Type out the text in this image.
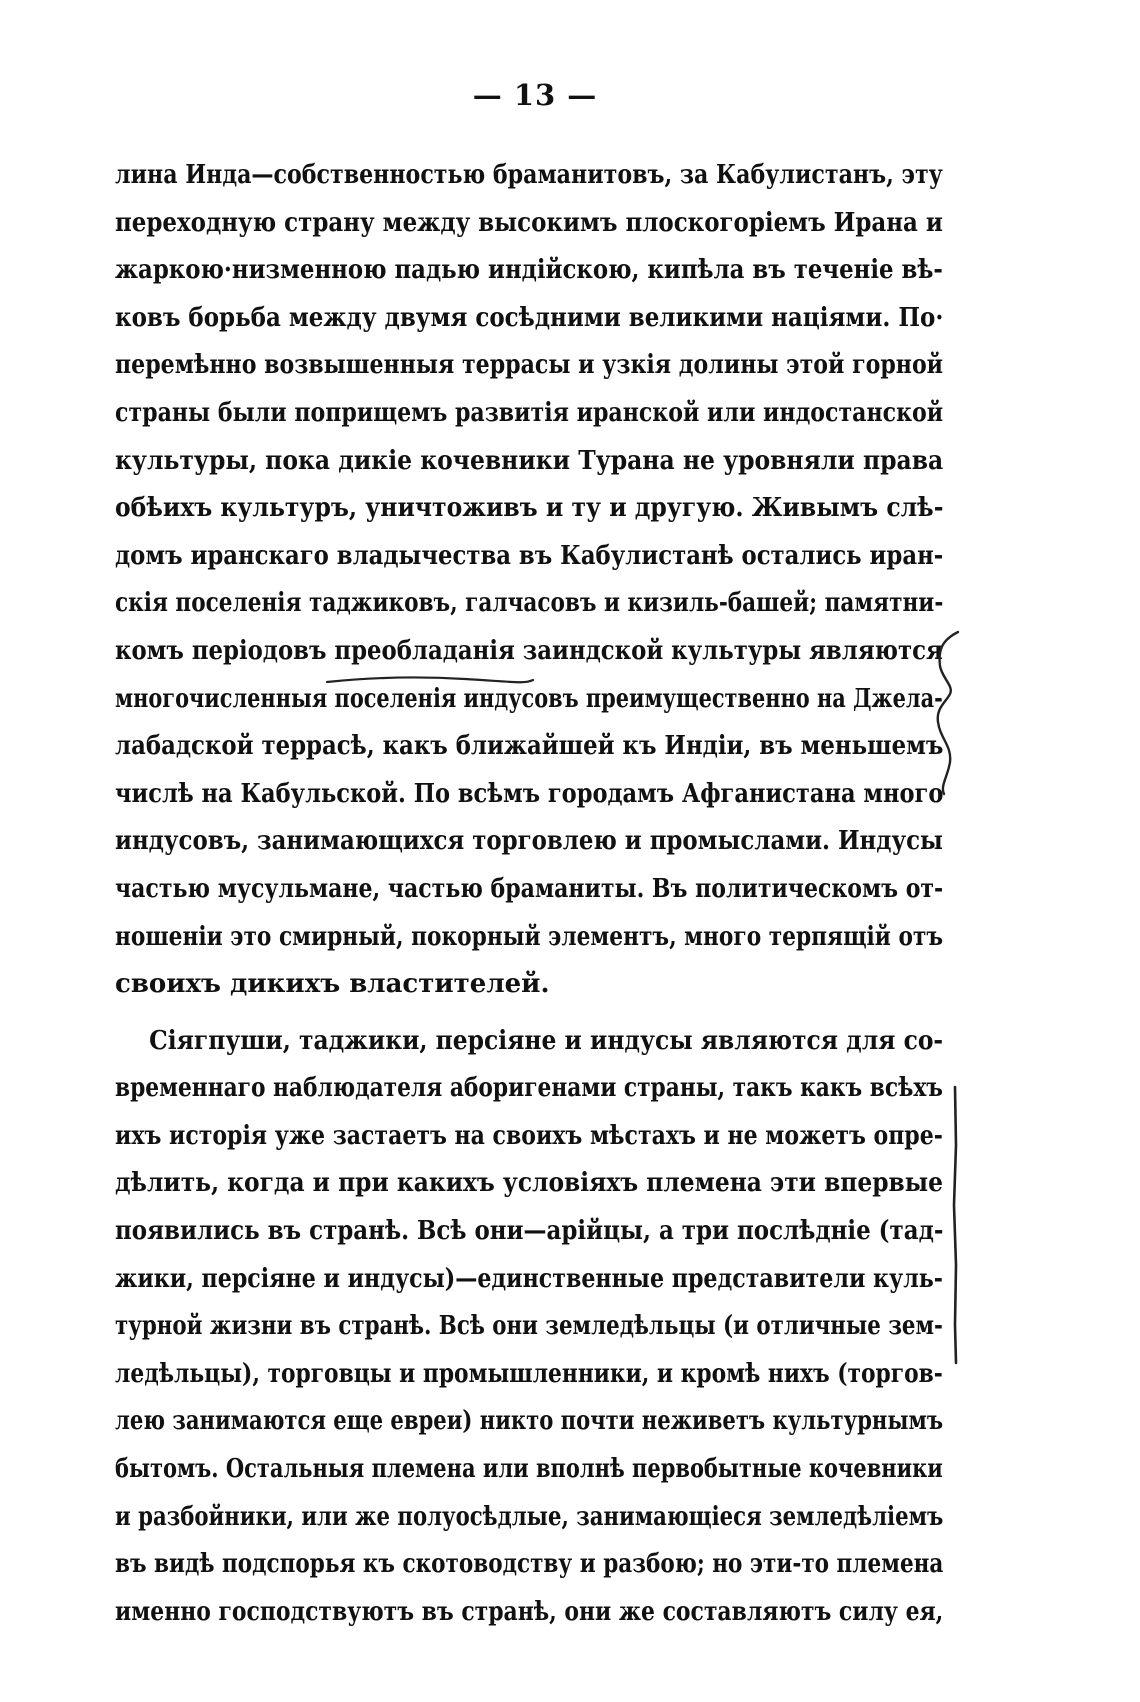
— 13 —
лина Инда—собственностью браманитовъ, за Кабулистанъ, эту
переходную страну между высокимъ плоскогорiемъ Ирана и
жаркою·низменною падью индiйскою, кипѣла въ теченiе вѣ-
ковъ борьба между двумя сосѣдними великими нацiями. По·
перемѣнно возвышенныя террасы и узкiя долины этой горной
страны были поприщемъ развитiя иранской или индостанской
культуры, пока дикiе кочевники Турана не уровняли права
обѣихъ культуръ, уничтоживъ и ту и другую. Живымъ слѣ-
домъ иранскаго владычества въ Кабулистанѣ остались иран-
скiя поселенiя таджиковъ, галчасовъ и кизиль-башей; памятни-
комъ перiодовъ преобладанiя заиндской культуры являются
многочисленныя поселенiя индусовъ преимущественно на Джела-
лабадской террасѣ, какъ ближайшей къ Индiи, въ меньшемъ
числѣ на Кабульской. По всѣмъ городамъ Афганистана много
индусовъ, занимающихся торговлею и промыслами. Индусы
частью мусульмане, частью браманиты. Въ политическомъ от-
ношенiи это смирный, покорный элементъ, много терпящiй отъ
своихъ дикихъ властителей.
Сiягпуши, таджики, персiяне и индусы являются для со-
временнаго наблюдателя аборигенами страны, такъ какъ всѣхъ
ихъ исторiя уже застаетъ на своихъ мѣстахъ и не можетъ опре-
дѣлить, когда и при какихъ условiяхъ племена эти впервые
появились въ странѣ. Всѣ они—арiйцы, а три послѣднiе (тад-
жики, персiяне и индусы)—единственные представители куль-
турной жизни въ странѣ. Всѣ они земледѣльцы (и отличные зем-
ледѣльцы), торговцы и промышленники, и кромѣ нихъ (торгов-
лею занимаются еще евреи) никто почти неживетъ культурнымъ
бытомъ. Остальныя племена или вполнѣ первобытные кочевники
и разбойники, или же полуосѣдлые, занимающiеся земледѣлiемъ
въ видѣ подспорья къ скотоводству и разбою; но эти-то племена
именно господствуютъ въ странѣ, они же составляютъ силу ея,
